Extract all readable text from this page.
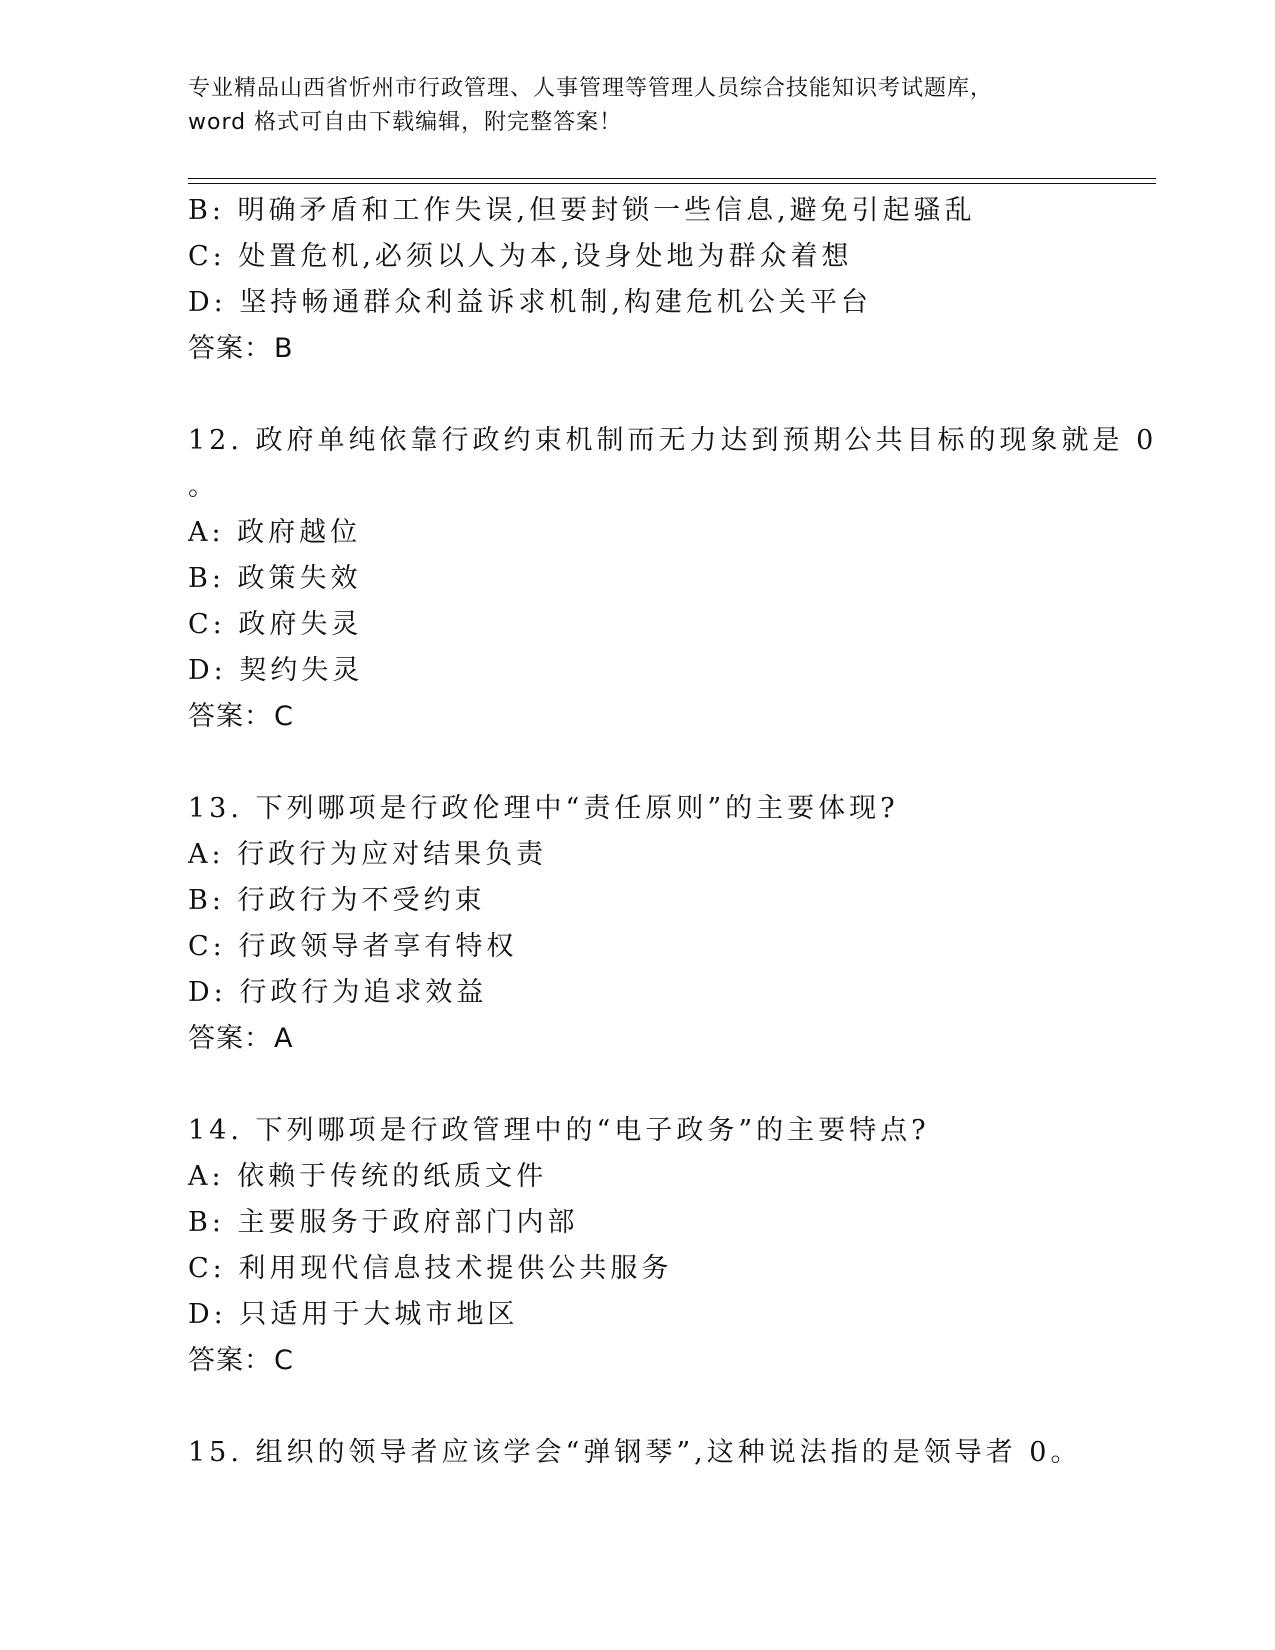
专业精品山西省忻州市行政管理、人事管理等管理人员综合技能知识考试题库，
word 格式可自由下载编辑，附完整答案！
B: 明确矛盾和工作失误,但要封锁一些信息,避免引起骚乱
C: 处置危机,必须以人为本,设身处地为群众着想
D: 坚持畅通群众利益诉求机制,构建危机公关平台
答案：B
12. 政府单纯依靠行政约束机制而无力达到预期公共目标的现象就是 0
。
A: 政府越位
B: 政策失效
C: 政府失灵
D: 契约失灵
答案：C
13. 下列哪项是行政伦理中“责任原则”的主要体现?
A: 行政行为应对结果负责
B: 行政行为不受约束
C: 行政领导者享有特权
D: 行政行为追求效益
答案：A
14. 下列哪项是行政管理中的“电子政务”的主要特点?
A: 依赖于传统的纸质文件
B: 主要服务于政府部门内部
C: 利用现代信息技术提供公共服务
D: 只适用于大城市地区
答案：C
15. 组织的领导者应该学会“弹钢琴”,这种说法指的是领导者 0。
